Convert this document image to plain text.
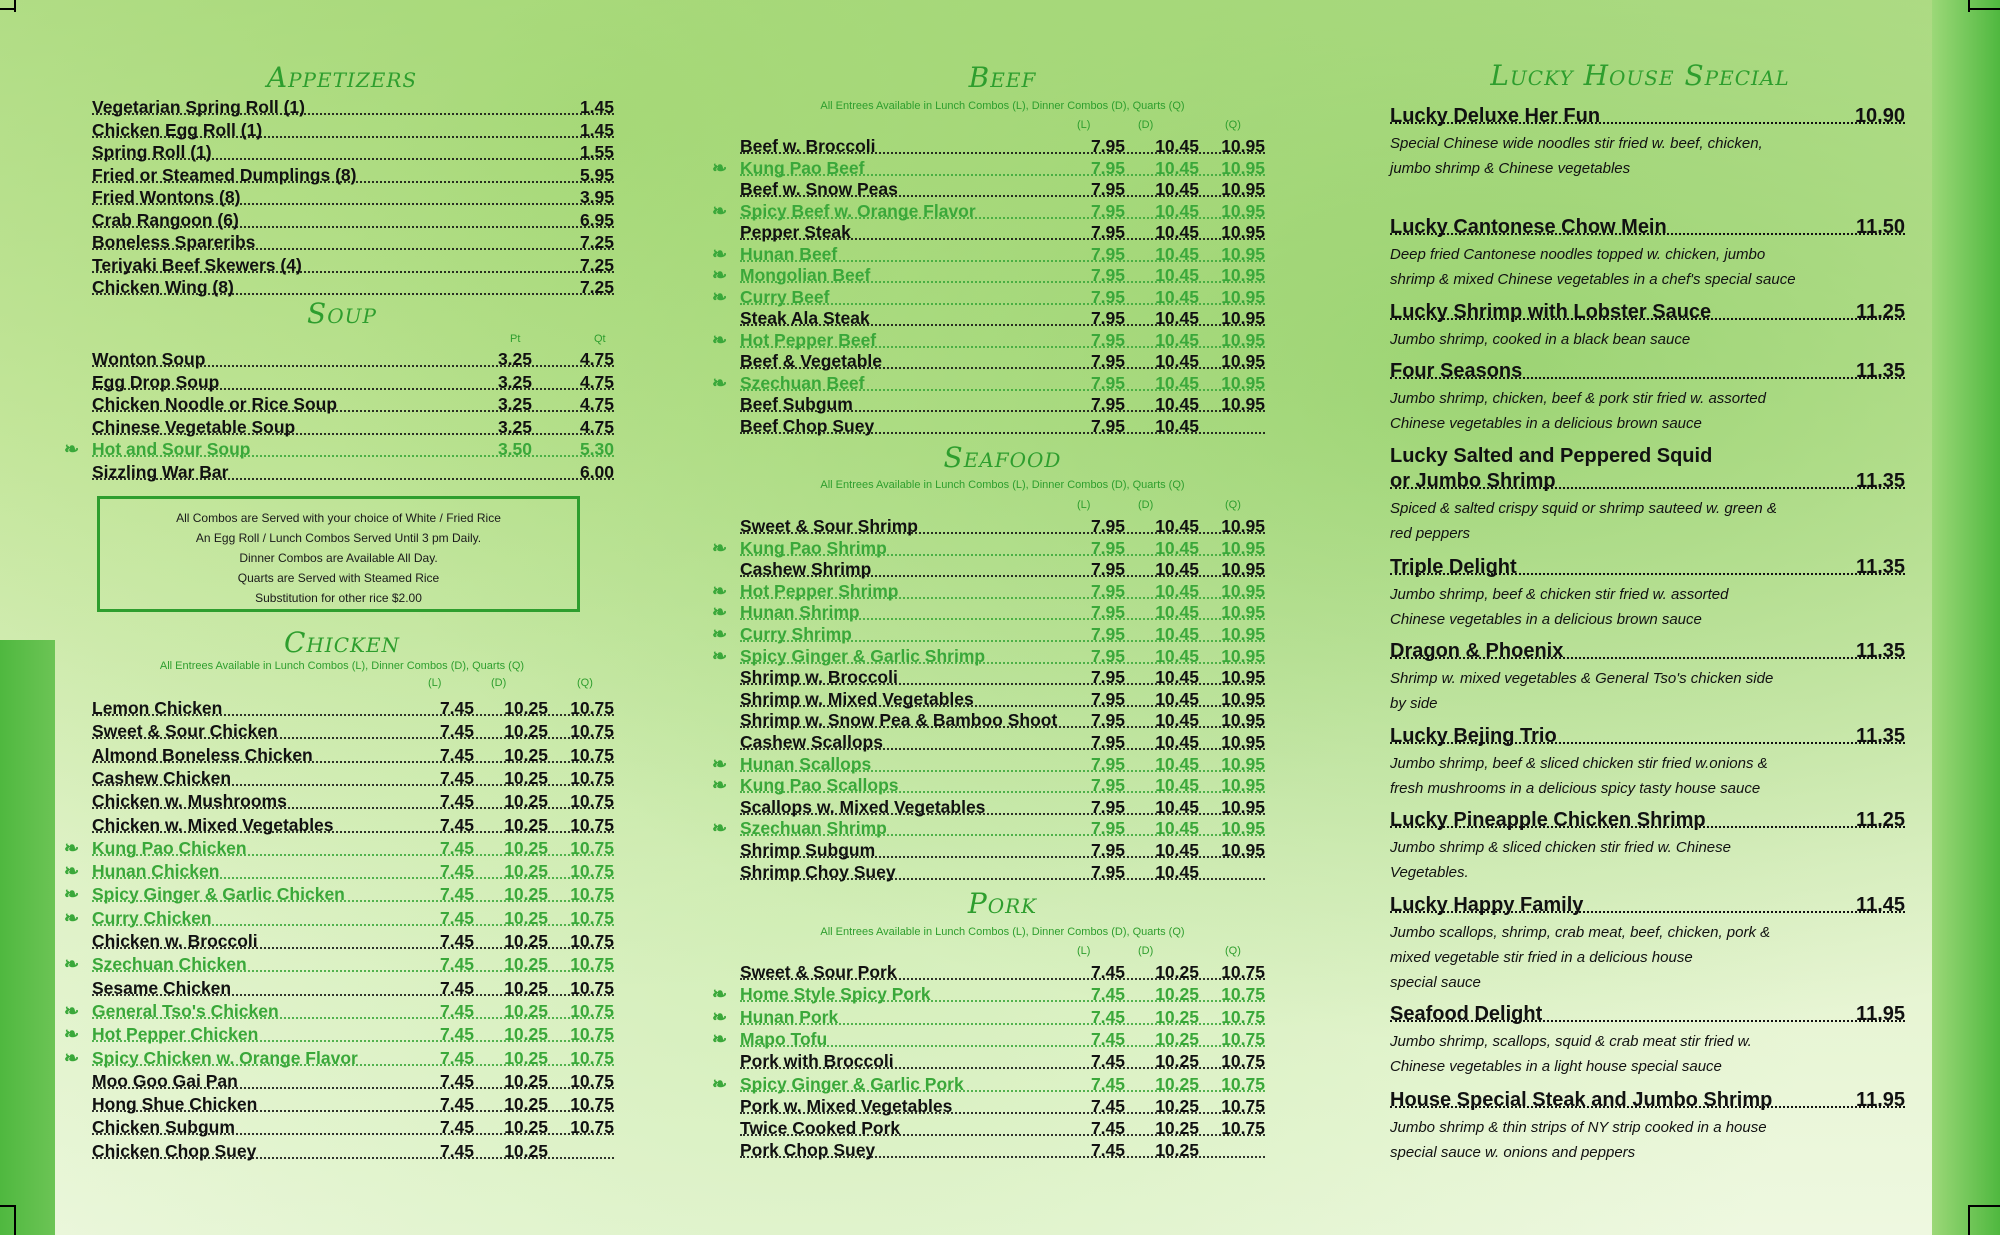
Appetizers
Vegetarian Spring Roll (1)	1.45
Chicken Egg Roll (1)	1.45
Spring Roll (1)	1.55
Fried or Steamed Dumplings (8)	5.95
Fried Wontons (8)	3.95
Crab Rangoon (6)	6.95
Boneless Spareribs	7.25
Teriyaki Beef Skewers (4)	7.25
Chicken Wing (8)	7.25
Soup
Pt	Qt
Wonton Soup	3.25	4.75
Egg Drop Soup	3.25	4.75
Chicken Noodle or Rice Soup	3.25	4.75
Chinese Vegetable Soup	3.25	4.75
❧ Hot and Sour Soup	3.50	5.30
Sizzling War Bar	6.00
All Combos are Served with your choice of White / Fried Rice
An Egg Roll / Lunch Combos Served Until 3 pm Daily.
Dinner Combos are Available All Day.
Quarts are Served with Steamed Rice
Substitution for other rice $2.00
Chicken
All Entrees Available in Lunch Combos (L), Dinner Combos (D), Quarts (Q)
(L)	(D)	(Q)
Lemon Chicken	7.45 10.25 10.75
Sweet & Sour Chicken	7.45 10.25 10.75
Almond Boneless Chicken	7.45 10.25 10.75
Cashew Chicken	7.45 10.25 10.75
Chicken w. Mushrooms	7.45 10.25 10.75
Chicken w. Mixed Vegetables	7.45 10.25 10.75
❧ Kung Pao Chicken	7.45 10.25 10.75
❧ Hunan Chicken	7.45 10.25 10.75
❧ Spicy Ginger & Garlic Chicken	7.45 10.25 10.75
❧ Curry Chicken	7.45 10.25 10.75
Chicken w. Broccoli	7.45 10.25 10.75
❧ Szechuan Chicken	7.45 10.25 10.75
Sesame Chicken	7.45 10.25 10.75
❧ General Tso's Chicken	7.45 10.25 10.75
❧ Hot Pepper Chicken	7.45 10.25 10.75
❧ Spicy Chicken w. Orange Flavor	7.45 10.25 10.75
Moo Goo Gai Pan	7.45 10.25 10.75
Hong Shue Chicken	7.45 10.25 10.75
Chicken Subgum	7.45 10.25 10.75
Chicken Chop Suey	7.45 10.25
Beef
All Entrees Available in Lunch Combos (L), Dinner Combos (D), Quarts (Q)
(L)	(D)	(Q)
Beef w. Broccoli	7.95 10.45 10.95
❧ Kung Pao Beef	7.95 10.45 10.95
Beef w. Snow Peas	7.95 10.45 10.95
❧ Spicy Beef w. Orange Flavor	7.95 10.45 10.95
Pepper Steak	7.95 10.45 10.95
❧ Hunan Beef	7.95 10.45 10.95
❧ Mongolian Beef	7.95 10.45 10.95
❧ Curry Beef	7.95 10.45 10.95
Steak Ala Steak	7.95 10.45 10.95
❧ Hot Pepper Beef	7.95 10.45 10.95
Beef & Vegetable	7.95 10.45 10.95
❧ Szechuan Beef	7.95 10.45 10.95
Beef Subgum	7.95 10.45 10.95
Beef Chop Suey	7.95 10.45
Seafood
All Entrees Available in Lunch Combos (L), Dinner Combos (D), Quarts (Q)
(L)	(D)	(Q)
Sweet & Sour Shrimp	7.95 10.45 10.95
❧ Kung Pao Shrimp	7.95 10.45 10.95
Cashew Shrimp	7.95 10.45 10.95
❧ Hot Pepper Shrimp	7.95 10.45 10.95
❧ Hunan Shrimp	7.95 10.45 10.95
❧ Curry Shrimp	7.95 10.45 10.95
❧ Spicy Ginger & Garlic Shrimp	7.95 10.45 10.95
Shrimp w. Broccoli	7.95 10.45 10.95
Shrimp w. Mixed Vegetables	7.95 10.45 10.95
Shrimp w. Snow Pea & Bamboo Shoot 7.95 10.45 10.95
Cashew Scallops	7.95 10.45 10.95
❧ Hunan Scallops	7.95 10.45 10.95
❧ Kung Pao Scallops	7.95 10.45 10.95
Scallops w. Mixed Vegetables	7.95 10.45 10.95
❧ Szechuan Shrimp	7.95 10.45 10.95
Shrimp Subgum	7.95 10.45 10.95
Shrimp Choy Suey	7.95 10.45
Pork
All Entrees Available in Lunch Combos (L), Dinner Combos (D), Quarts (Q)
(L)	(D)	(Q)
Sweet & Sour Pork	7.45 10.25 10.75
❧ Home Style Spicy Pork	7.45 10.25 10.75
❧ Hunan Pork	7.45 10.25 10.75
❧ Mapo Tofu	7.45 10.25 10.75
Pork with Broccoli	7.45 10.25 10.75
❧ Spicy Ginger & Garlic Pork	7.45 10.25 10.75
Pork w. Mixed Vegetables	7.45 10.25 10.75
Twice Cooked Pork	7.45 10.25 10.75
Pork Chop Suey	7.45 10.25
Lucky House Special
Lucky Deluxe Her Fun	10.90
Special Chinese wide noodles stir fried w. beef, chicken,
jumbo shrimp & Chinese vegetables
Lucky Cantonese Chow Mein	11.50
Deep fried Cantonese noodles topped w. chicken, jumbo
shrimp & mixed Chinese vegetables in a chef's special sauce
Lucky Shrimp with Lobster Sauce	11.25
Jumbo shrimp, cooked in a black bean sauce
Four Seasons	11.35
Jumbo shrimp, chicken, beef & pork stir fried w. assorted
Chinese vegetables in a delicious brown sauce
Lucky Salted and Peppered Squid
or Jumbo Shrimp	11.35
Spiced & salted crispy squid or shrimp sauteed w. green &
red peppers
Triple Delight	11.35
Jumbo shrimp, beef & chicken stir fried w. assorted
Chinese vegetables in a delicious brown sauce
Dragon & Phoenix	11.35
Shrimp w. mixed vegetables & General Tso's chicken side
by side
Lucky Bejing Trio	11.35
Jumbo shrimp, beef & sliced chicken stir fried w.onions &
fresh mushrooms in a delicious spicy tasty house sauce
Lucky Pineapple Chicken Shrimp	11.25
Jumbo shrimp & sliced chicken stir fried w. Chinese
Vegetables.
Lucky Happy Family	11.45
Jumbo scallops, shrimp, crab meat, beef, chicken, pork &
mixed vegetable stir fried in a delicious house
special sauce
Seafood Delight	11.95
Jumbo shrimp, scallops, squid & crab meat stir fried w.
Chinese vegetables in a light house special sauce
House Special Steak and Jumbo Shrimp	11.95
Jumbo shrimp & thin strips of NY strip cooked in a house
special sauce w. onions and peppers
